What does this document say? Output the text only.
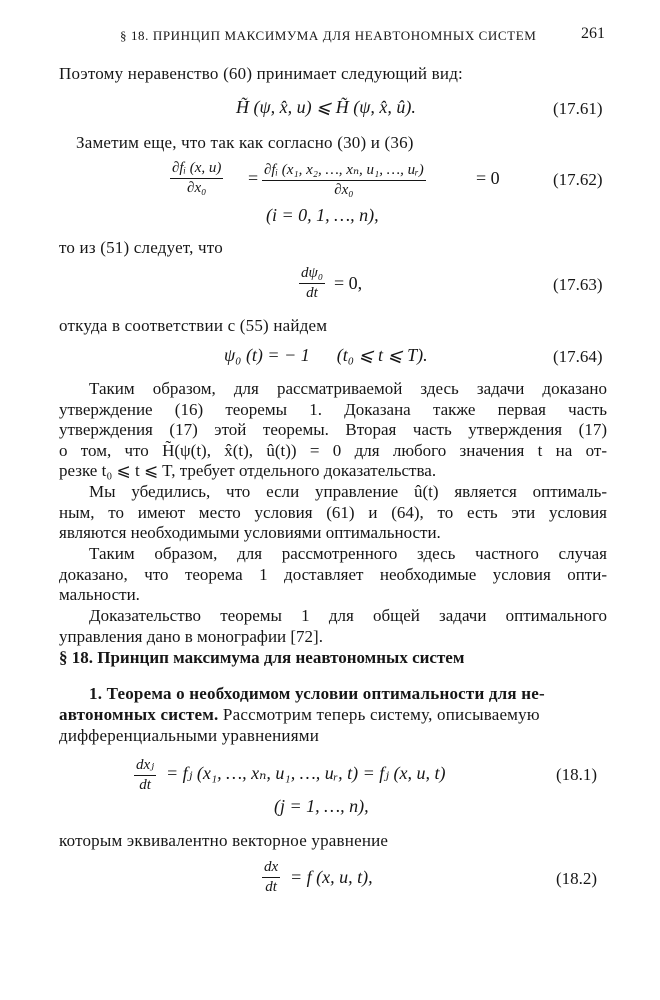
§ 18. ПРИНЦИП МАКСИМУМА ДЛЯ НЕАВТОНОМНЫХ СИСТЕМ	261
Поэтому неравенство (60) принимает следующий вид:
H̃ (ψ, x̂, u) ⩽ H̃ (ψ, x̂, û).	(17.61)
Заметим еще, что так как согласно (30) и (36)
$\frac{\text{∂fᵢ (x, u)}}{\text{∂x₀}} = \frac{\text{∂fᵢ (x₁, x₂, …, xₙ, u₁, …, uᵣ)}}{\text{∂x₀}}$	= 0	(17.62)
(i = 0, 1, …, n),
то из (51) следует, что
$\frac{\text{dψ₀}}{dt} = 0$,	(17.63)
откуда в соответствии с (55) найдем
ψ₀ (t) = − 1      (t₀ ⩽ t ⩽ T).	(17.64)
Таким образом, для рассматриваемой здесь задачи доказано
утверждение (16) теоремы 1. Доказана также первая часть
утверждения (17) этой теоремы. Вторая часть утверждения (17)
о том, что H̃(ψ(t), x̂(t), û(t)) = 0 для любого значения t на от-
резке t₀ ⩽ t ⩽ T, требует отдельного доказательства.
Мы убедились, что если управление û(t) является оптималь-
ным, то имеют место условия (61) и (64), то есть эти условия
являются необходимыми условиями оптимальности.
Таким образом, для рассмотренного здесь частного случая
доказано, что теорема 1 доставляет необходимые условия опти-
мальности.
Доказательство теоремы 1 для общей задачи оптимального
управления дано в монографии [72].
§ 18. Принцип максимума для неавтономных систем
1. Теорема о необходимом условии оптимальности для не-
автономных систем. Рассмотрим теперь систему, описываемую
дифференциальными уравнениями
dxⱼ
dt
= fⱼ (x₁, …, xₙ, u₁, …, uᵣ, t) = fⱼ (x, u, t)	(18.1)
(j = 1, …, n),
которым эквивалентно векторное уравнение
$\frac{dx}{dt} = f$ (x, u, t),	(18.2)
